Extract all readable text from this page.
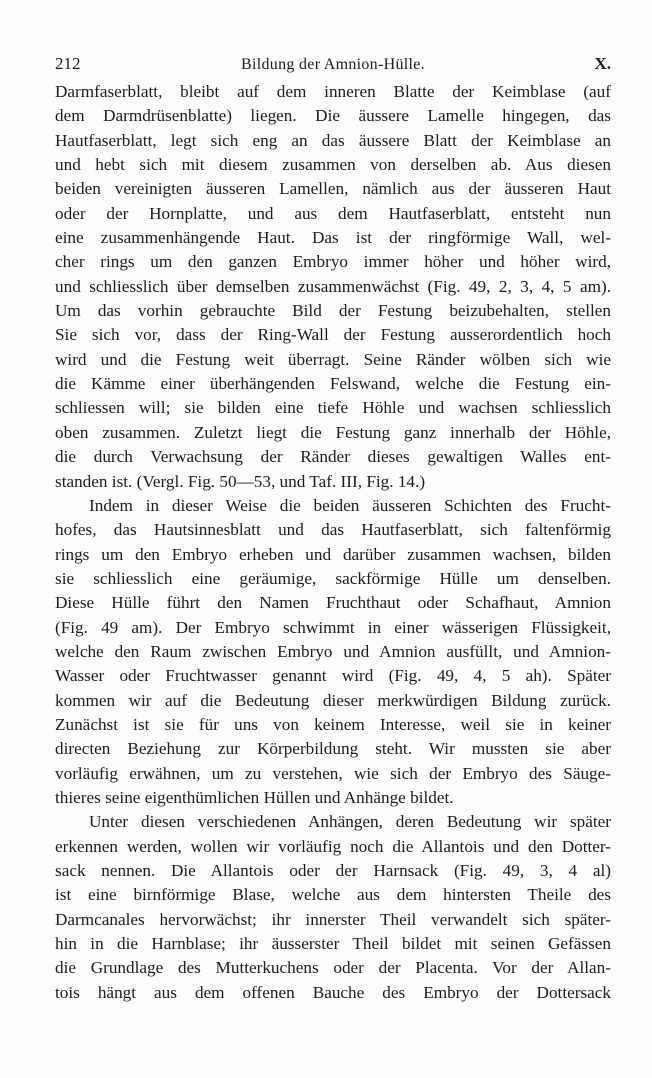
212	Bildung der Amnion-Hülle.	X.
Darmfaserblatt, bleibt auf dem inneren Blatte der Keimblase (auf
dem Darmdrüsenblatte) liegen. Die äussere Lamelle hingegen, das
Hautfaserblatt, legt sich eng an das äussere Blatt der Keimblase an
und hebt sich mit diesem zusammen von derselben ab. Aus diesen
beiden vereinigten äusseren Lamellen, nämlich aus der äusseren Haut
oder der Hornplatte, und aus dem Hautfaserblatt, entsteht nun
eine zusammenhängende Haut. Das ist der ringförmige Wall, wel-
cher rings um den ganzen Embryo immer höher und höher wird,
und schliesslich über demselben zusammenwächst (Fig. 49, 2, 3, 4, 5 am).
Um das vorhin gebrauchte Bild der Festung beizubehalten, stellen
Sie sich vor, dass der Ring-Wall der Festung ausserordentlich hoch
wird und die Festung weit überragt. Seine Ränder wölben sich wie
die Kämme einer überhängenden Felswand, welche die Festung ein-
schliessen will; sie bilden eine tiefe Höhle und wachsen schliesslich
oben zusammen. Zuletzt liegt die Festung ganz innerhalb der Höhle,
die durch Verwachsung der Ränder dieses gewaltigen Walles ent-
standen ist. (Vergl. Fig. 50—53, und Taf. III, Fig. 14.)
Indem in dieser Weise die beiden äusseren Schichten des Frucht-
hofes, das Hautsinnesblatt und das Hautfaserblatt, sich faltenförmig
rings um den Embryo erheben und darüber zusammen wachsen, bilden
sie schliesslich eine geräumige, sackförmige Hülle um denselben.
Diese Hülle führt den Namen Fruchthaut oder Schafhaut, Amnion
(Fig. 49 am). Der Embryo schwimmt in einer wässerigen Flüssigkeit,
welche den Raum zwischen Embryo und Amnion ausfüllt, und Amnion-
Wasser oder Fruchtwasser genannt wird (Fig. 49, 4, 5 ah). Später
kommen wir auf die Bedeutung dieser merkwürdigen Bildung zurück.
Zunächst ist sie für uns von keinem Interesse, weil sie in keiner
directen Beziehung zur Körperbildung steht. Wir mussten sie aber
vorläufig erwähnen, um zu verstehen, wie sich der Embryo des Säuge-
thieres seine eigenthümlichen Hüllen und Anhänge bildet.
Unter diesen verschiedenen Anhängen, deren Bedeutung wir später
erkennen werden, wollen wir vorläufig noch die Allantois und den Dotter-
sack nennen. Die Allantois oder der Harnsack (Fig. 49, 3, 4 al)
ist eine birnförmige Blase, welche aus dem hintersten Theile des
Darmcanales hervorwächst; ihr innerster Theil verwandelt sich später-
hin in die Harnblase; ihr äusserster Theil bildet mit seinen Gefässen
die Grundlage des Mutterkuchens oder der Placenta. Vor der Allan-
tois hängt aus dem offenen Bauche des Embryo der Dottersack
